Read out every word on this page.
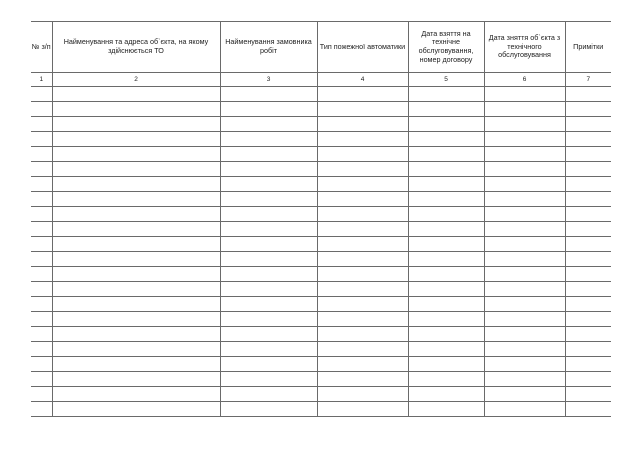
№ з/п	Найменування та адреса об`єкта, на якому здійснюється ТО	Найменування замовника робіт	Тип пожежної автоматики	Дата взяття на технічне обслуговування, номер договору	Дата зняття об`єкта з технічного обслуговування	Примітки
1	2	3	4	5	6	7
